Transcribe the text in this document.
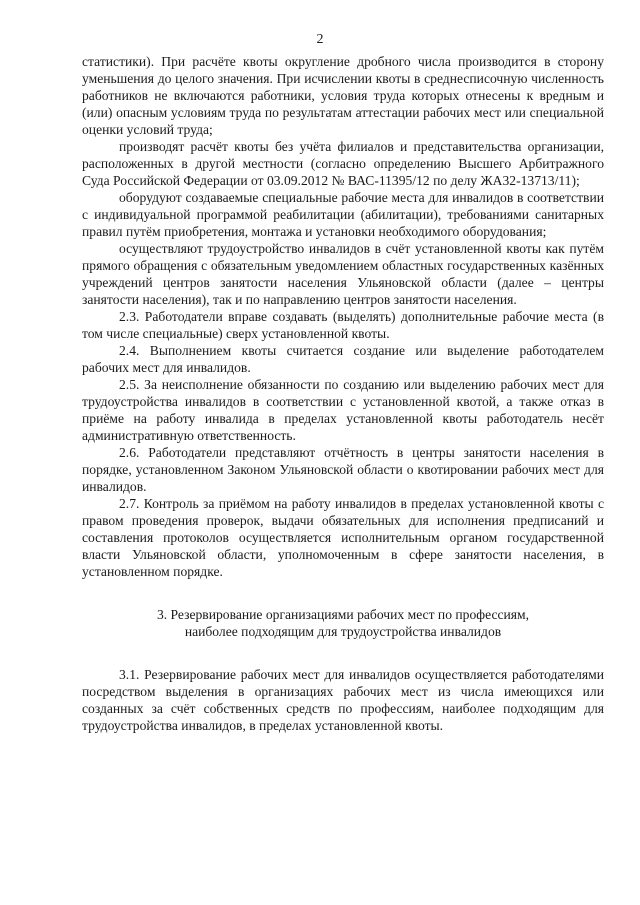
2

статистики). При расчёте квоты округление дробного числа производится в сторону уменьшения до целого значения. При исчислении квоты в среднесписочную численность работников не включаются работники, условия труда которых отнесены к вредным и (или) опасным условиям труда по результатам аттестации рабочих мест или специальной оценки условий труда;

производят расчёт квоты без учёта филиалов и представительства организации, расположенных в другой местности (согласно определению Высшего Арбитражного Суда Российской Федерации от 03.09.2012 № ВАС-11395/12 по делу ЖА32-13713/11);

оборудуют создаваемые специальные рабочие места для инвалидов в соответствии с индивидуальной программой реабилитации (абилитации), требованиями санитарных правил путём приобретения, монтажа и установки необходимого оборудования;

осуществляют трудоустройство инвалидов в счёт установленной квоты как путём прямого обращения с обязательным уведомлением областных государственных казённых учреждений центров занятости населения Ульяновской области (далее – центры занятости населения), так и по направлению центров занятости населения.

2.3. Работодатели вправе создавать (выделять) дополнительные рабочие места (в том числе специальные) сверх установленной квоты.

2.4. Выполнением квоты считается создание или выделение работодателем рабочих мест для инвалидов.

2.5. За неисполнение обязанности по созданию или выделению рабочих мест для трудоустройства инвалидов в соответствии с установленной квотой, а также отказ в приёме на работу инвалида в пределах установленной квоты работодатель несёт административную ответственность.

2.6. Работодатели представляют отчётность в центры занятости населения в порядке, установленном Законом Ульяновской области о квотировании рабочих мест для инвалидов.

2.7. Контроль за приёмом на работу инвалидов в пределах установленной квоты с правом проведения проверок, выдачи обязательных для исполнения предписаний и составления протоколов осуществляется исполнительным органом государственной власти Ульяновской области, уполномоченным в сфере занятости населения, в установленном порядке.

3. Резервирование организациями рабочих мест по профессиям,
наиболее подходящим для трудоустройства инвалидов

3.1. Резервирование рабочих мест для инвалидов осуществляется работодателями посредством выделения в организациях рабочих мест из числа имеющихся или созданных за счёт собственных средств по профессиям, наиболее подходящим для трудоустройства инвалидов, в пределах установленной квоты.
